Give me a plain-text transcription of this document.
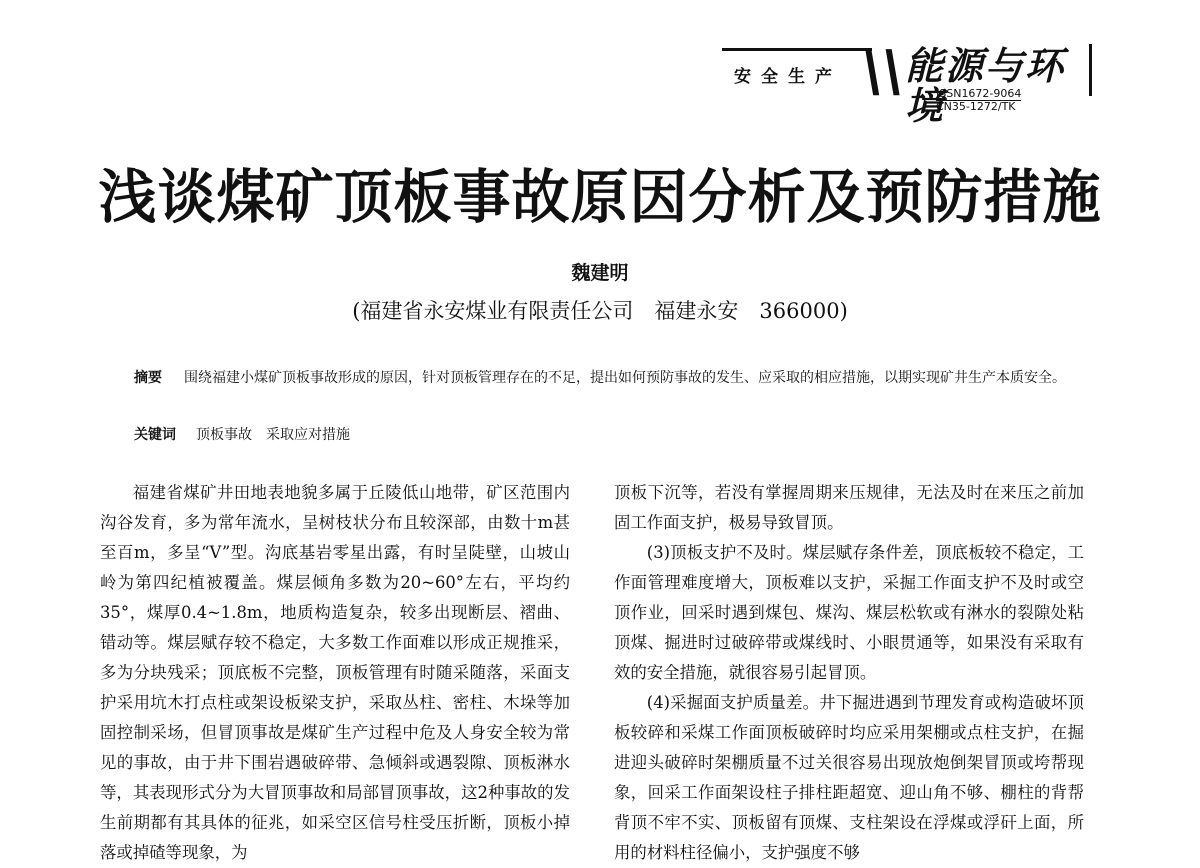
安全生产 \\
能源与环境
ISSN1672-9064
CN35-1272/TK
浅谈煤矿顶板事故原因分析及预防措施
魏建明
(福建省永安煤业有限责任公司　福建永安　366000)
摘要 围绕福建小煤矿顶板事故形成的原因，针对顶板管理存在的不足，提出如何预防事故的发生、应采取的相应措施，以期实现矿井生产本质安全。
关键词 顶板事故　采取应对措施

福建省煤矿井田地表地貌多属于丘陵低山地带，矿区范围内沟谷发育，多为常年流水，呈树枝状分布且较深部，由数十m甚至百m，多呈“V”型。沟底基岩零星出露，有时呈陡壁，山坡山岭为第四纪植被覆盖。煤层倾角多数为20~60°左右，平均约35°，煤厚0.4~1.8m，地质构造复杂，较多出现断层、褶曲、错动等。煤层赋存较不稳定，大多数工作面难以形成正规推采，多为分块残采；顶底板不完整，顶板管理有时随采随落，采面支护采用坑木打点柱或架设板梁支护，采取丛柱、密柱、木垛等加固控制采场，但冒顶事故是煤矿生产过程中危及人身安全较为常见的事故，由于井下围岩遇破碎带、急倾斜或遇裂隙、顶板淋水等，其表现形式分为大冒顶事故和局部冒顶事故，这2种事故的发生前期都有其具体的征兆，如采空区信号柱受压折断，顶板小掉落或掉碴等现象，为

顶板下沉等，若没有掌握周期来压规律，无法及时在来压之前加固工作面支护，极易导致冒顶。

(3)顶板支护不及时。煤层赋存条件差，顶底板较不稳定，工作面管理难度增大，顶板难以支护，采掘工作面支护不及时或空顶作业，回采时遇到煤包、煤沟、煤层松软或有淋水的裂隙处粘顶煤、掘进时过破碎带或煤线时、小眼贯通等，如果没有采取有效的安全措施，就很容易引起冒顶。

(4)采掘面支护质量差。井下掘进遇到节理发育或构造破坏顶板较碎和采煤工作面顶板破碎时均应采用架棚或点柱支护，在掘进迎头破碎时架棚质量不过关很容易出现放炮倒架冒顶或垮帮现象，回采工作面架设柱子排柱距超宽、迎山角不够、棚柱的背帮背顶不牢不实、顶板留有顶煤、支柱架设在浮煤或浮矸上面，所用的材料柱径偏小，支护强度不够
